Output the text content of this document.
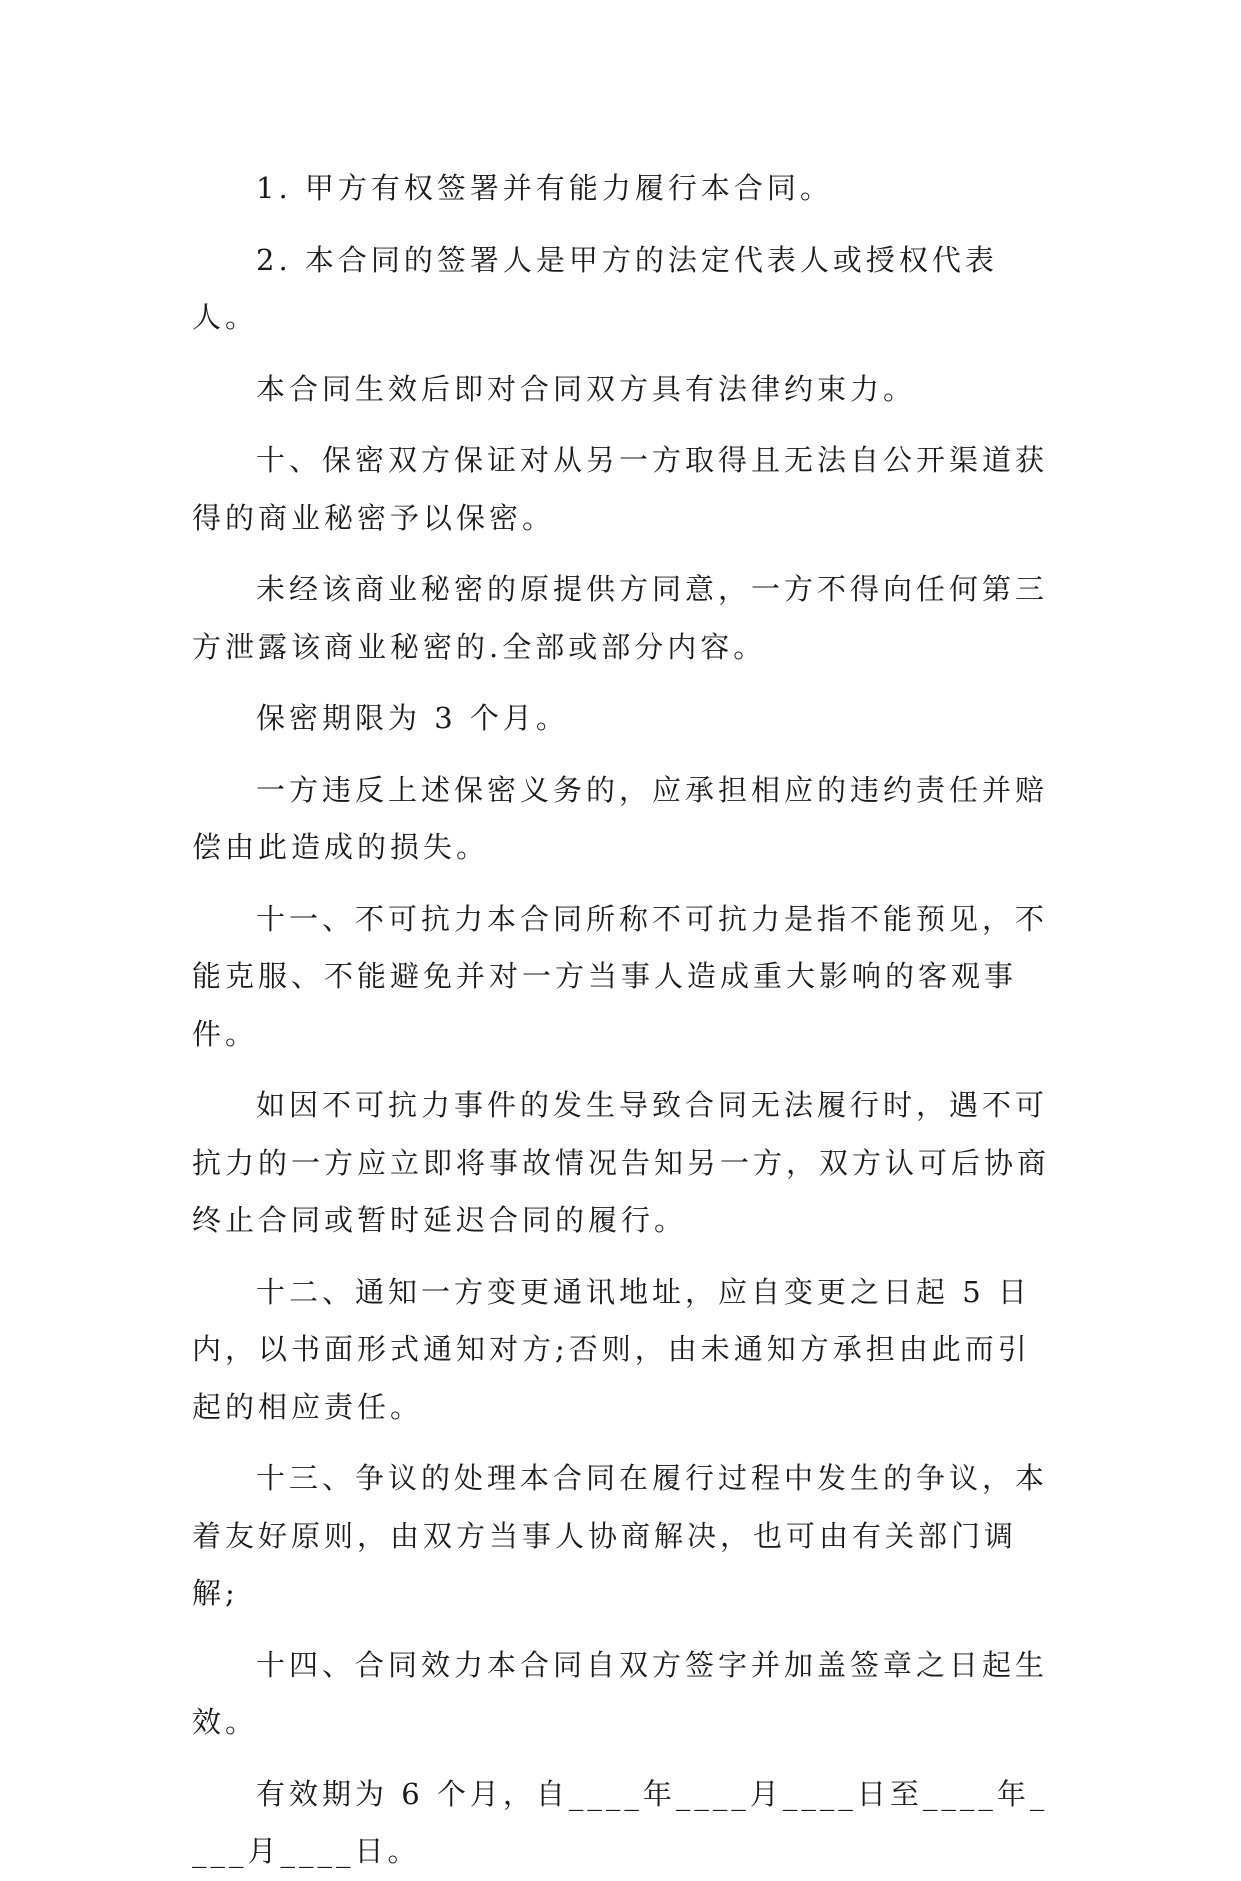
1. 甲方有权签署并有能力履行本合同。

2. 本合同的签署人是甲方的法定代表人或授权代表人。

本合同生效后即对合同双方具有法律约束力。

十、保密双方保证对从另一方取得且无法自公开渠道获得的商业秘密予以保密。

未经该商业秘密的原提供方同意，一方不得向任何第三方泄露该商业秘密的.全部或部分内容。

保密期限为 3 个月。

一方违反上述保密义务的，应承担相应的违约责任并赔偿由此造成的损失。

十一、不可抗力本合同所称不可抗力是指不能预见，不能克服、不能避免并对一方当事人造成重大影响的客观事件。

如因不可抗力事件的发生导致合同无法履行时，遇不可抗力的一方应立即将事故情况告知另一方，双方认可后协商终止合同或暂时延迟合同的履行。

十二、通知一方变更通讯地址，应自变更之日起 5 日内，以书面形式通知对方;否则，由未通知方承担由此而引起的相应责任。

十三、争议的处理本合同在履行过程中发生的争议，本着友好原则，由双方当事人协商解决，也可由有关部门调解;

十四、合同效力本合同自双方签字并加盖签章之日起生效。

有效期为 6 个月，自____年____月____日至____年____月____日。
